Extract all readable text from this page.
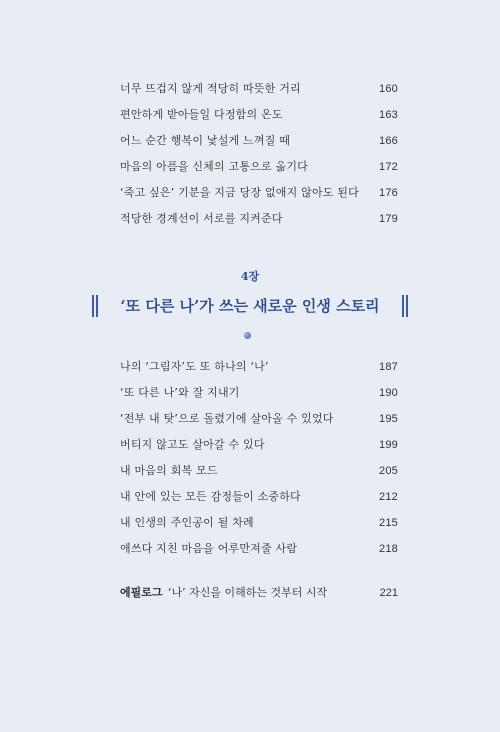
너무 뜨겁지 않게 적당히 따뜻한 거리	160
편안하게 받아들일 다정함의 온도	163
어느 순간 행복이 낯설게 느껴질 때	166
마음의 아픔을 신체의 고통으로 옮기다	172
‘죽고 싶은’ 기분을 지금 당장 없애지 않아도 된다 176
적당한 경계선이 서로를 지켜준다	179
4장
‘또 다른 나’가 쓰는 새로운 인생 스토리
나의 ‘그림자’도 또 하나의 ‘나’	187
‘또 다른 나’와 잘 지내기	190
‘전부 내 탓’으로 돌렸기에 살아올 수 있었다	195
버티지 않고도 살아갈 수 있다	199
내 마음의 회복 모드	205
내 안에 있는 모든 감정들이 소중하다	212
내 인생의 주인공이 될 차례	215
애쓰다 지친 마음을 어루만져줄 사람	218
에필로그 ‘나’ 자신을 이해하는 것부터 시작	221
